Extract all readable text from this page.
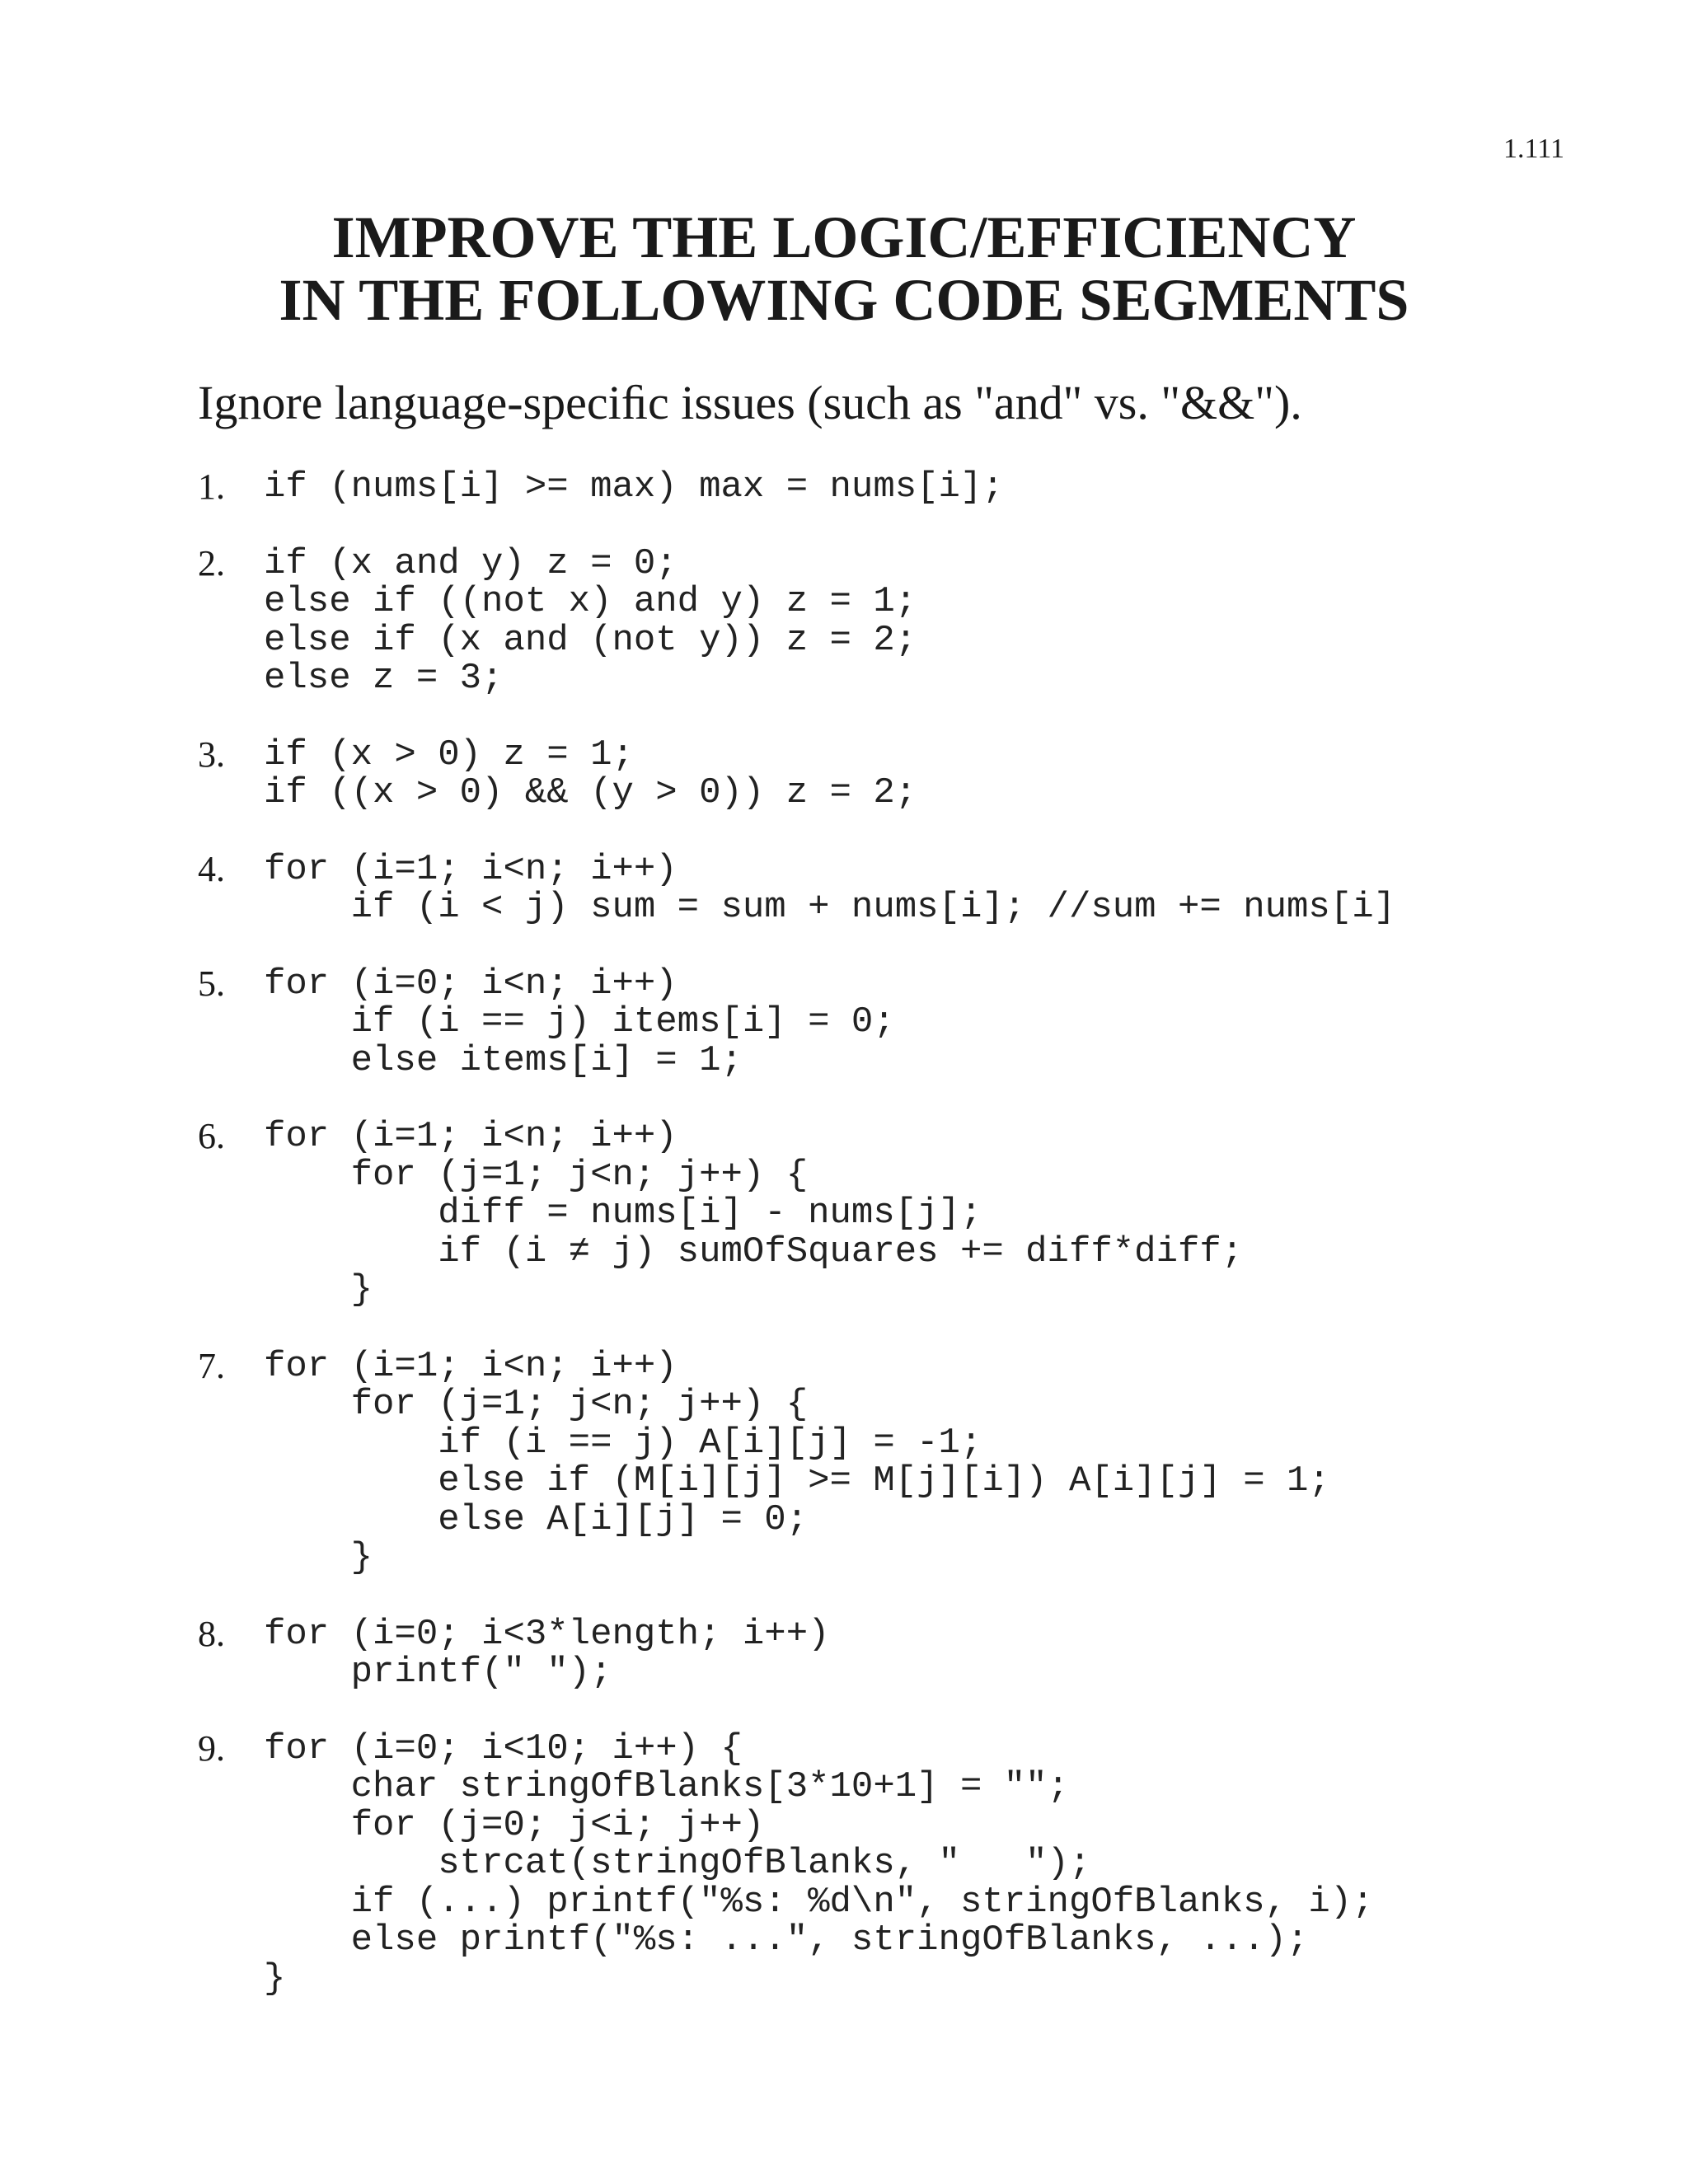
1.111

IMPROVE THE LOGIC/EFFICIENCY
IN THE FOLLOWING CODE SEGMENTS

Ignore language-speciﬁc issues (such as "and" vs. "&&").

1. if (nums[i] >= max) max = nums[i];
2. if (x and y) z = 0;
else if ((not x) and y) z = 1;
else if (x and (not y)) z = 2;
else z = 3;
3. if (x > 0) z = 1;
if ((x > 0) && (y > 0)) z = 2;
4. for (i=1; i<n; i++)
if (i < j) sum = sum + nums[i]; //sum += nums[i]
5. for (i=0; i<n; i++)
if (i == j) items[i] = 0;
else items[i] = 1;
6. for (i=1; i<n; i++)
for (j=1; j<n; j++) {
diff = nums[i] - nums[j];
if (i ≠ j) sumOfSquares += diff*diff;
}
7. for (i=1; i<n; i++)
for (j=1; j<n; j++) {
if (i == j) A[i][j] = -1;
else if (M[i][j] >= M[j][i]) A[i][j] = 1;
else A[i][j] = 0;
}
8. for (i=0; i<3*length; i++)
printf(" ");
9. for (i=0; i<10; i++) {
char stringOfBlanks[3*10+1] = "";
for (j=0; j<i; j++)
strcat(stringOfBlanks, "   ");
if (...) printf("%s: %d\n", stringOfBlanks, i);
else printf("%s: ...", stringOfBlanks, ...);
}
